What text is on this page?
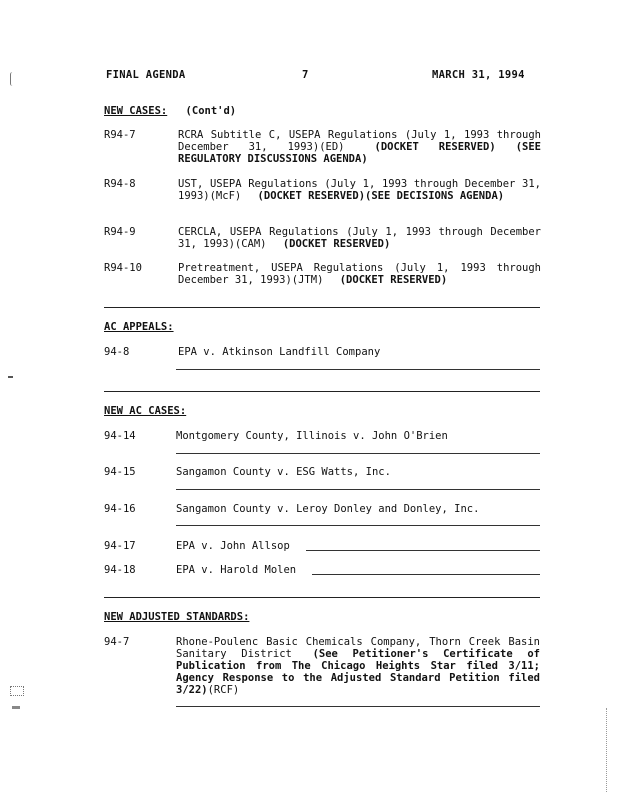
FINAL AGENDA	7	MARCH 31, 1994
NEW CASES: (Cont'd)
R94-7	RCRA Subtitle C, USEPA Regulations (July 1, 1993 through December 31, 1993)(ED)	(DOCKET RESERVED) (SEE REGULATORY DISCUSSIONS AGENDA)
R94-8	UST, USEPA Regulations (July 1, 1993 through December 31, 1993)(McF) (DOCKET RESERVED)(SEE DECISIONS AGENDA)
R94-9	CERCLA, USEPA Regulations (July 1, 1993 through December 31, 1993)(CAM) (DOCKET RESERVED)
R94-10	Pretreatment, USEPA Regulations (July 1, 1993 through December 31, 1993)(JTM) (DOCKET RESERVED)
AC APPEALS:
94-8	EPA v. Atkinson Landfill Company
NEW AC CASES:
94-14	Montgomery County, Illinois v. John O'Brien
94-15	Sangamon County v. ESG Watts, Inc.
94-16	Sangamon County v. Leroy Donley and Donley, Inc.
94-17	EPA v. John Allsop
94-18	EPA v. Harold Molen
NEW ADJUSTED STANDARDS:
94-7	Rhone-Poulenc Basic Chemicals Company, Thorn Creek Basin Sanitary District (See Petitioner's Certificate of Publication from The Chicago Heights Star filed 3/11; Agency Response to the Adjusted Standard Petition filed 3/22)(RCF)
